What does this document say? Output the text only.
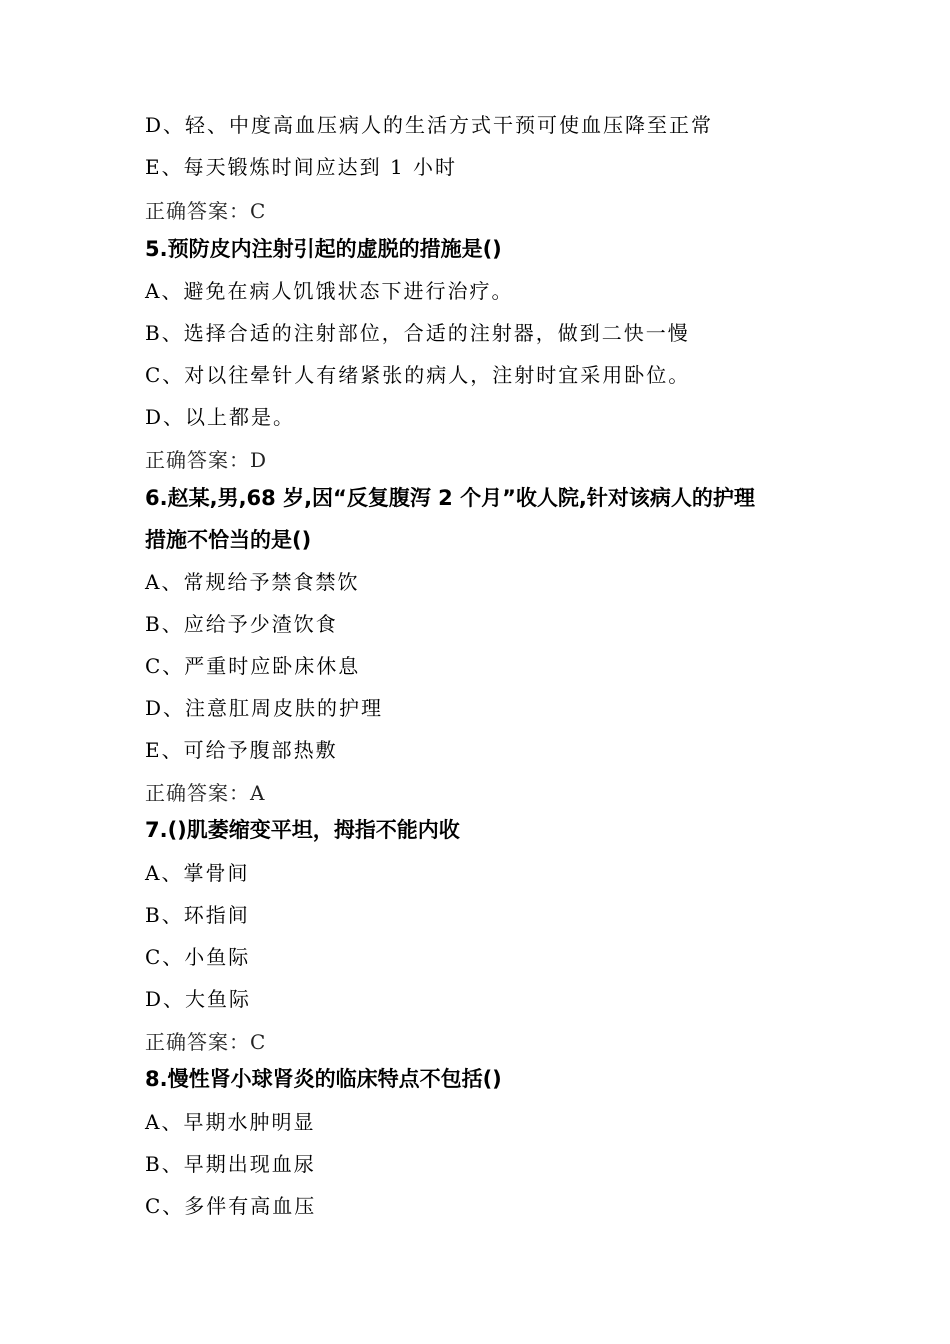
D、轻、中度高血压病人的生活方式干预可使血压降至正常
E、每天锻炼时间应达到 1 小时
正确答案：C
5.预防皮内注射引起的虚脱的措施是()
A、避免在病人饥饿状态下进行治疗。
B、选择合适的注射部位，合适的注射器，做到二快一慢
C、对以往晕针人有绪紧张的病人，注射时宜采用卧位。
D、以上都是。
正确答案：D
6.赵某,男,68 岁,因“反复腹泻 2 个月”收人院,针对该病人的护理
措施不恰当的是()
A、常规给予禁食禁饮
B、应给予少渣饮食
C、严重时应卧床休息
D、注意肛周皮肤的护理
E、可给予腹部热敷
正确答案：A
7.()肌萎缩变平坦，拇指不能内收
A、掌骨间
B、环指间
C、小鱼际
D、大鱼际
正确答案：C
8.慢性肾小球肾炎的临床特点不包括()
A、早期水肿明显
B、早期出现血尿
C、多伴有高血压
